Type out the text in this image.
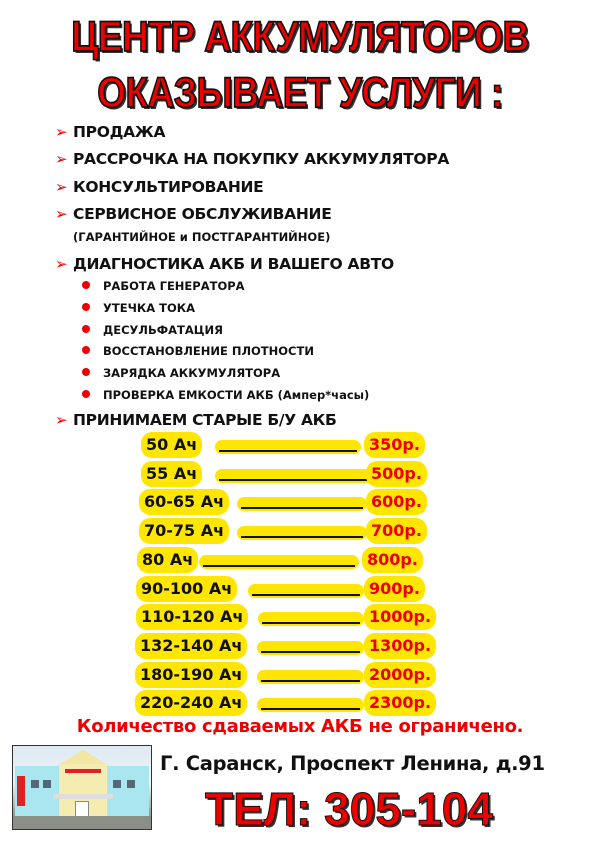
ЦЕНТР АККУМУЛЯТОРОВ
ОКАЗЫВАЕТ УСЛУГИ :
➢ ПРОДАЖА
➢ РАССРОЧКА НА ПОКУПКУ АККУМУЛЯТОРА
➢ КОНСУЛЬТИРОВАНИЕ
➢ СЕРВИСНОЕ ОБСЛУЖИВАНИЕ
(ГАРАНТИЙНОЕ и ПОСТГАРАНТИЙНОЕ)
➢ ДИАГНОСТИКА АКБ И ВАШЕГО АВТО
РАБОТА ГЕНЕРАТОРА
УТЕЧКА ТОКА
ДЕСУЛЬФАТАЦИЯ
ВОССТАНОВЛЕНИЕ ПЛОТНОСТИ
ЗАРЯДКА АККУМУЛЯТОРА
ПРОВЕРКА ЕМКОСТИ АКБ (Ампер*часы)
➢ ПРИНИМАЕМ СТАРЫЕ Б/У АКБ
50 Ач	350р.
55 Ач	500р.
60-65 Ач	600р.
70-75 Ач	700р.
80 Ач	800р.
90-100 Ач	900р.
110-120 Ач	1000р.
132-140 Ач	1300р.
180-190 Ач	2000р.
220-240 Ач	2300р.
Количество сдаваемых АКБ не ограничено.
Г. Саранск, Проспект Ленина, д.91
ТЕЛ: 305-104
